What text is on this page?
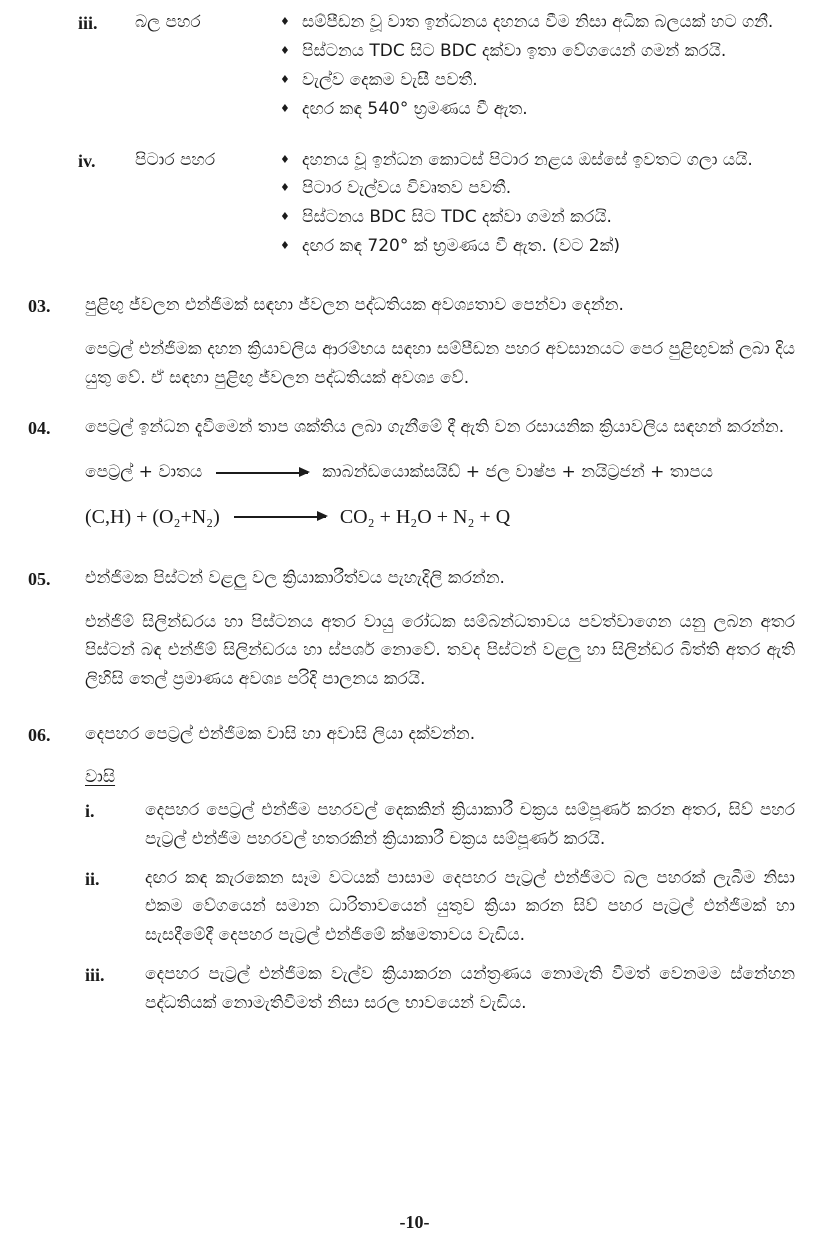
iii.	බල පහර	♦ සම්පීඩන වූ වාත ඉන්ධනය දහනය වීම නිසා අධික බලයක් හට ගනී.
♦ පිස්ටනය TDC සිට BDC දක්වා ඉතා වේගයෙන් ගමන් කරයි.
♦ වැල්ව දෙකම වැසී පවතී.
♦ දඟර කඳ 540° භ්‍රමණය වී ඇත.
iv.	පිටාර පහර	♦ දහනය වූ ඉන්ධන කොටස් පිටාර නළය ඔස්සේ ඉවතට ගලා යයි.
♦ පිටාර වැල්වය විවෘතව පවතී.
♦ පිස්ටනය BDC සිට TDC දක්වා ගමන් කරයි.
♦ දඟර කඳ 720° ක් භ්‍රමණය වී ඇත. (වට 2ක්)
03.	පුළිඟු ජ්වලන එන්ජිමක් සඳහා ජ්වලන පද්ධතියක අවශ්‍යතාව පෙන්වා දෙන්න.

පෙට්‍රල් එන්ජිමක දහන ක්‍රියාවලිය ආරම්භය සඳහා සම්පීඩන පහර අවසානයට පෙර පුළිඟුවක් ලබා දිය යුතු වේ. ඒ සඳහා පුළිඟු ජ්වලන පද්ධතියක් අවශ්‍ය වේ.

04.	පෙට්‍රල් ඉන්ධන දැවීමෙන් තාප ශක්තිය ලබා ගැනීමේ දී ඇති වන රසායනික ක්‍රියාවලිය සඳහන් කරන්න.

පෙට්‍රල් + වාතය	කාබන්ඩයොක්සයිඩ් + ජල වාෂ්ප + නයිට්‍රජන් + තාපය
(C,H) + (O₂+N₂)	CO₂ + H₂O + N₂ + Q
05.	එන්ජිමක පිස්ටන් වළලු වල ක්‍රියාකාරීත්වය පැහැදිලි කරන්න.

එන්ජිම් සිලින්ඩරය හා පිස්ටනය අතර වායු රෝධක සම්බන්ධතාවය පවත්වාගෙන යනු ලබන අතර පිස්ටන් බඳ එන්ජිම් සිලින්ඩරය හා ස්පර්ශ නොවේ. තවද පිස්ටන් වළලු හා සිලින්ඩර බිත්ති අතර ඇති ලිහිසි තෙල් ප්‍රමාණය අවශ්‍ය පරිදි පාලනය කරයි.

06.	දෙපහර පෙට්‍රල් එන්ජිමක වාසි හා අවාසි ලියා දක්වන්න.

වාසි
i.	දෙපහර පෙට්‍රල් එන්ජිම පහරවල් දෙකකින් ක්‍රියාකාරී චක්‍රය සම්පූර්ණ කරන අතර, සිව් පහර පැට්‍රල් එන්ජිම පහරවල් හතරකින් ක්‍රියාකාරී චක්‍රය සම්පූර්ණ කරයි.
ii.	දඟර කඳ කැරකෙන සෑම වටයක් පාසාම දෙපහර පැට්‍රල් එන්ජිමට බල පහරක් ලැබීම නිසා එකම වේගයෙන් සමාන ධාරිතාවයෙන් යුතුව ක්‍රියා කරන සිව් පහර පැට්‍රල් එන්ජිමක් හා සැසදීමේදී දෙපහර පැට්‍රල් එන්ජිමේ ක්ෂමතාවය වැඩිය.
iii.	දෙපහර පැට්‍රල් එන්ජිමක වැල්ව ක්‍රියාකරන යන්ත්‍රණය නොමැති වීමත් වෙනමම ස්නේහන පද්ධතියක් නොමැතිවීමත් නිසා සරල භාවයෙන් වැඩිය.
-10-
